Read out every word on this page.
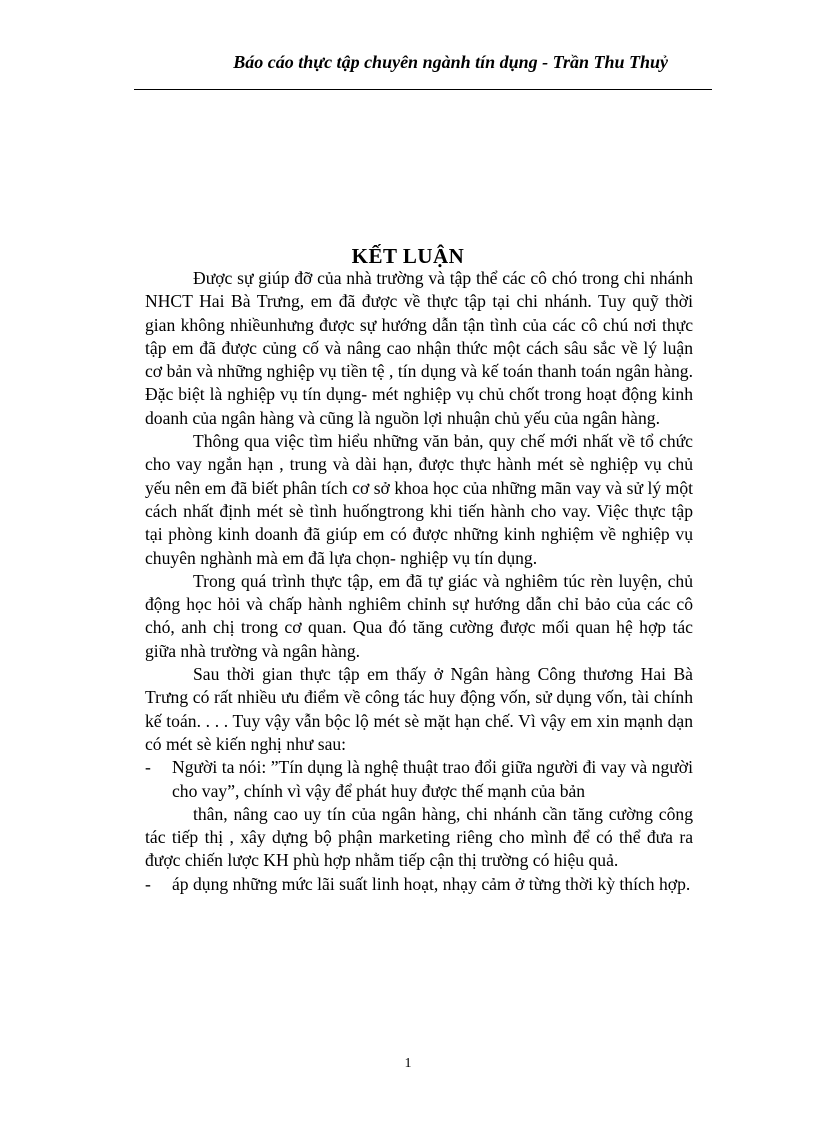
Báo cáo thực tập chuyên ngành tín dụng - Trần Thu Thuỷ
KẾT LUẬN

Được sự giúp đỡ của nhà trường và tập thể các cô chó trong chi nhánh NHCT Hai Bà Trưng, em đã được về thực tập tại chi nhánh. Tuy quỹ thời gian không nhiềunhưng được sự hướng dẫn tận tình của các cô chú nơi thực tập em đã được củng cố và nâng cao nhận thức một cách sâu sắc về lý luận cơ bản và những nghiệp vụ tiền tệ , tín dụng và kế toán thanh toán ngân hàng. Đặc biệt là nghiệp vụ tín dụng- mét nghiệp vụ chủ chốt trong hoạt động kinh doanh của ngân hàng và cũng là nguồn lợi nhuận chủ yếu của ngân hàng.

Thông qua việc tìm hiểu những văn bản, quy chế mới nhất về tổ chức cho vay ngắn hạn , trung và dài hạn, được thực hành mét sè nghiệp vụ chủ yếu nên em đã biết phân tích cơ sở khoa học của những mãn vay và sử lý một cách nhất định mét sè tình huốngtrong khi tiến hành cho vay. Việc thực tập tại phòng kinh doanh đã giúp em có được những kinh nghiệm về nghiệp vụ chuyên nghành mà em đã lựa chọn- nghiệp vụ tín dụng.

Trong quá trình thực tập, em đã tự giác và nghiêm túc rèn luyện, chủ động học hỏi và chấp hành nghiêm chỉnh sự hướng dẫn chỉ bảo của các cô chó, anh chị trong cơ quan. Qua đó tăng cường được mối quan hệ hợp tác giữa nhà trường và ngân hàng.

Sau thời gian thực tập em thấy ở Ngân hàng Công thương Hai Bà Trưng có rất nhiều ưu điểm về công tác huy động vốn, sử dụng vốn, tài chính kế toán. . . . Tuy vậy vẫn bộc lộ mét sè mặt hạn chế. Vì vậy em xin mạnh dạn có mét sè kiến nghị như sau:

- Người ta nói: ”Tín dụng là nghệ thuật trao đổi giữa người đi vay và người cho vay”, chính vì vậy để phát huy được thế mạnh của bản

thân, nâng cao uy tín của ngân hàng, chi nhánh cần tăng cường công tác tiếp thị , xây dựng bộ phận marketing riêng cho mình để có thể đưa ra được chiến lược KH phù hợp nhằm tiếp cận thị trường có hiệu quả.

- áp dụng những mức lãi suất linh hoạt, nhạy cảm ở từng thời kỳ thích hợp.
1
